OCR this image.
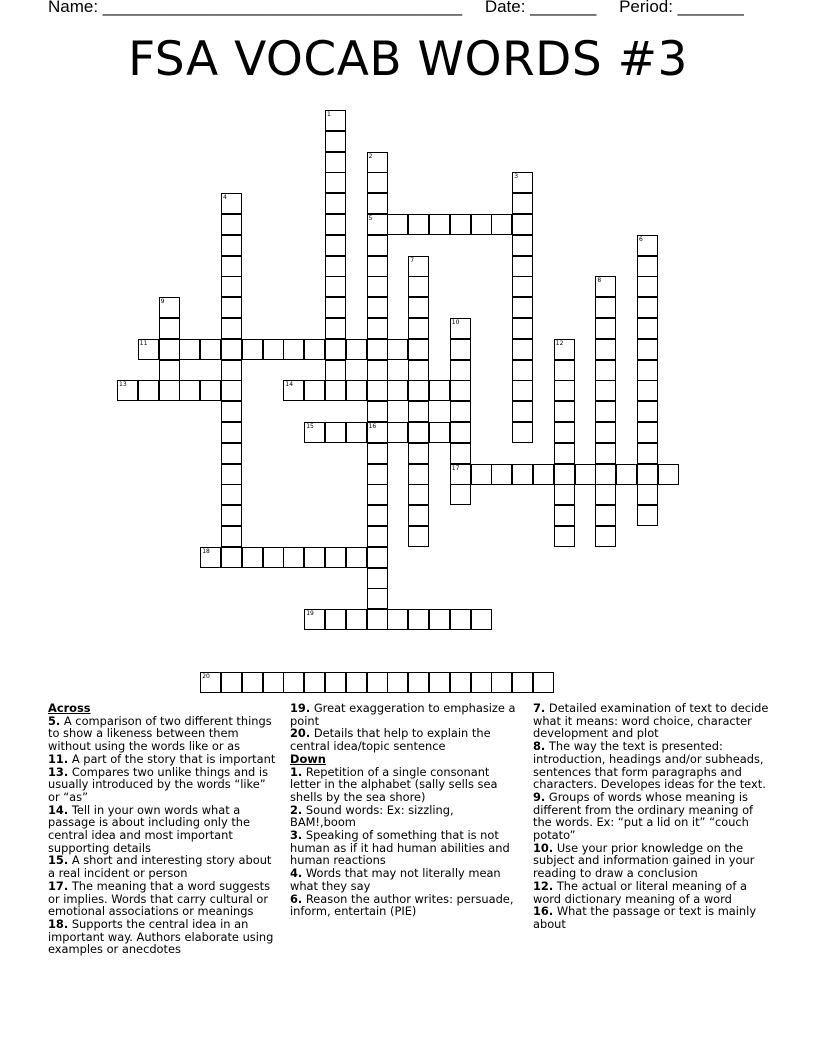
Name: ______________________________________ Date: _______ Period: _______
FSA VOCAB WORDS #3
1
2
3
4
5
6
7
8
9
10
11	12
13	14
15	16
17
18
19
20
Across

5. A comparison of two different things to show a likeness between them without using the words like or as

11. A part of the story that is important

13. Compares two unlike things and is usually introduced by the words “like” or “as”

14. Tell in your own words what a passage is about including only the central idea and most important supporting details

15. A short and interesting story about a real incident or person

17. The meaning that a word suggests or implies. Words that carry cultural or emotional associations or meanings

18. Supports the central idea in an important way. Authors elaborate using examples or anecdotes

19. Great exaggeration to emphasize a point

20. Details that help to explain the central idea/topic sentence

Down

1. Repetition of a single consonant letter in the alphabet (sally sells sea shells by the sea shore)

2. Sound words: Ex: sizzling, BAM!,boom

3. Speaking of something that is not human as if it had human abilities and human reactions

4. Words that may not literally mean what they say

6. Reason the author writes: persuade, inform, entertain (PIE)

7. Detailed examination of text to decide what it means: word choice, character development and plot

8. The way the text is presented: introduction, headings and/or subheads, sentences that form paragraphs and characters. Developes ideas for the text.

9. Groups of words whose meaning is different from the ordinary meaning of the words. Ex: “put a lid on it” “couch potato”

10. Use your prior knowledge on the subject and information gained in your reading to draw a conclusion

12. The actual or literal meaning of a word dictionary meaning of a word

16. What the passage or text is mainly about
